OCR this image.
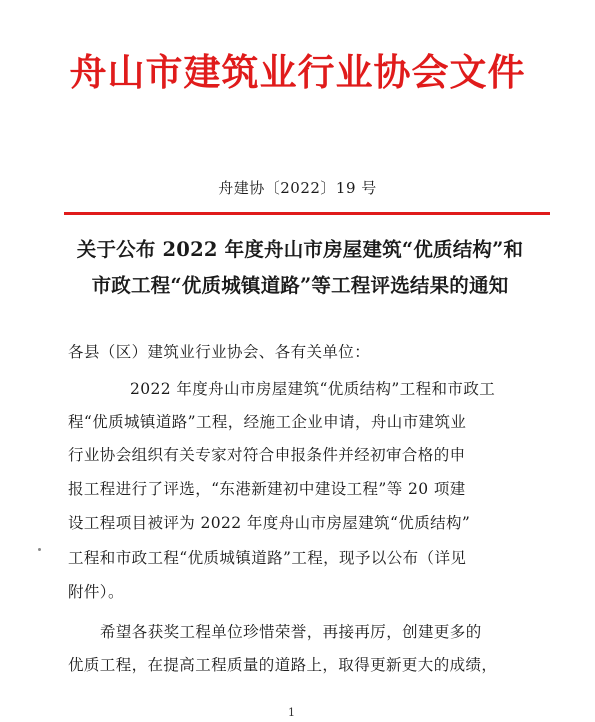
舟山市建筑业行业协会文件
舟建协〔2022〕19 号
关于公布 2022 年度舟山市房屋建筑“优质结构”和
市政工程“优质城镇道路”等工程评选结果的通知
各县（区）建筑业行业协会、各有关单位：
2022 年度舟山市房屋建筑“优质结构”工程和市政工
程“优质城镇道路”工程，经施工企业申请，舟山市建筑业
行业协会组织有关专家对符合申报条件并经初审合格的申
报工程进行了评选，“东港新建初中建设工程”等 20 项建
设工程项目被评为 2022 年度舟山市房屋建筑“优质结构”
工程和市政工程“优质城镇道路”工程，现予以公布（详见
附件）。
希望各获奖工程单位珍惜荣誉，再接再厉，创建更多的
优质工程，在提高工程质量的道路上，取得更新更大的成绩，
1
